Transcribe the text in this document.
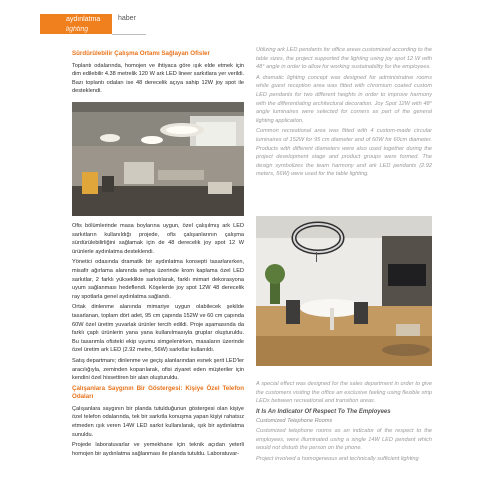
aydınlatma
lighting
haber
Sürdürülebilir Çalışma Ortamı Sağlayan Ofisler

Toplantı odalarında, homojen ve ihtiyaca göre ışık elde etmek için dim edilebilir 4.38 metrelik 120 W ark LED lineer sarkıtlara yer verildi. Bazı toplantı odaları ise 48 derecelik açıya sahip 12W joy spot ile desteklendi.

Ofis bölümlerinde masa boylarına uygun, özel çalışılmış ark LED sarkıtların kullanıldığı projede, ofis çalışanlarının çalışma sürdürülebilirliğini sağlamak için de 48 derecelik joy spot 12 W ürünlerle aydınlatma desteklendi.

Yönetici odasında dramatik bir aydınlatma konsepti tasarlanırken, misafir ağırlama alanında sehpa üzerinde krom kaplama özel LED sarkıtlar, 2 farklı yükseklikte sarkıtılarak, farklı mimari dekorasyona uyum sağlanması hedeflendi. Köşelerde joy spot 12W 48 derecelik ray spotlarla genel aydınlatma sağlandı.

Ortak dinlenme alanında mimariye uygun olabilecek şekilde tasarlanan, toplam dört adet, 95 cm çapında 152W ve 60 cm çapında 60W özel üretim yuvarlak ürünler tercih edildi. Proje aşamasında da farklı çaplı ürünlerin yana yana kullanılmasıyla gruplar oluşturuldu. Bu tasarımla ofisteki ekip uyumu simgelenirken, masaların üzerinde özel üretim ark LED (2.92 metre, 56W) sarkıtlar kullanıldı.

Satış departmanı; dinlenme ve geçiş alanlarından esnek şerit LED'ler aracılığıyla, zeminden koparılarak, ofisi ziyaret eden müşteriler için kendini özel hissettiren bir alan oluşturuldu.

Çalışanlara Saygının Bir Göstergesi: Kişiye Özel Telefon Odaları

Çalışanlara saygının bir planda tutulduğunun göstergesi olan kişiye özel telefon odalarında, tek bir sarkıtla konuşma yapan kişiyi rahatsız etmeden ışık veren 14W LED sarkıt kullanılarak, ışık bir aydınlatma sunuldu.

Projede laboratuvarlar ve yemekhane için teknik açıdan yeterli homojen bir aydınlatma sağlanması ile planda tutuldu. Laboratuvar-

Utilizing ark LED pendants for office areas customized according to the table sizes, the project supported the lighting using joy spot 12 W with 48° angle in order to allow for working sustainability for the employees.

A dramatic lighting concept was designed for administrative rooms while guest reception area was fitted with chromium coated custom LED pendants for two different heights in order to improve harmony with the differentiating architectural decoration. Joy Spot 12W with 48° angle luminaires were selected for corners as part of the general lighting application.

Common recreational area was fitted with 4 custom-made circular luminaires of 152W for 95 cm diameter and of 60W for 60cm diameter. Products with different diameters were also used together during the project development stage and product groups were formed. The design symbolizes the team harmony and ark LED pendants (2.92 meters, 56W) were used for the table lighting.

A special effect was designed for the sales department in order to give the customers visiting the office an exclusive feeling using flexible strip LEDs between recreational and transition areas.

It Is An Indicator Of Respect To The Employees
Customized Telephone Rooms

Customized telephone rooms as an indicator of the respect to the employees, were illuminated using a single 14W LED pendant which would not disturb the person on the phone.

Project involved a homogeneous and technically sufficient lighting
